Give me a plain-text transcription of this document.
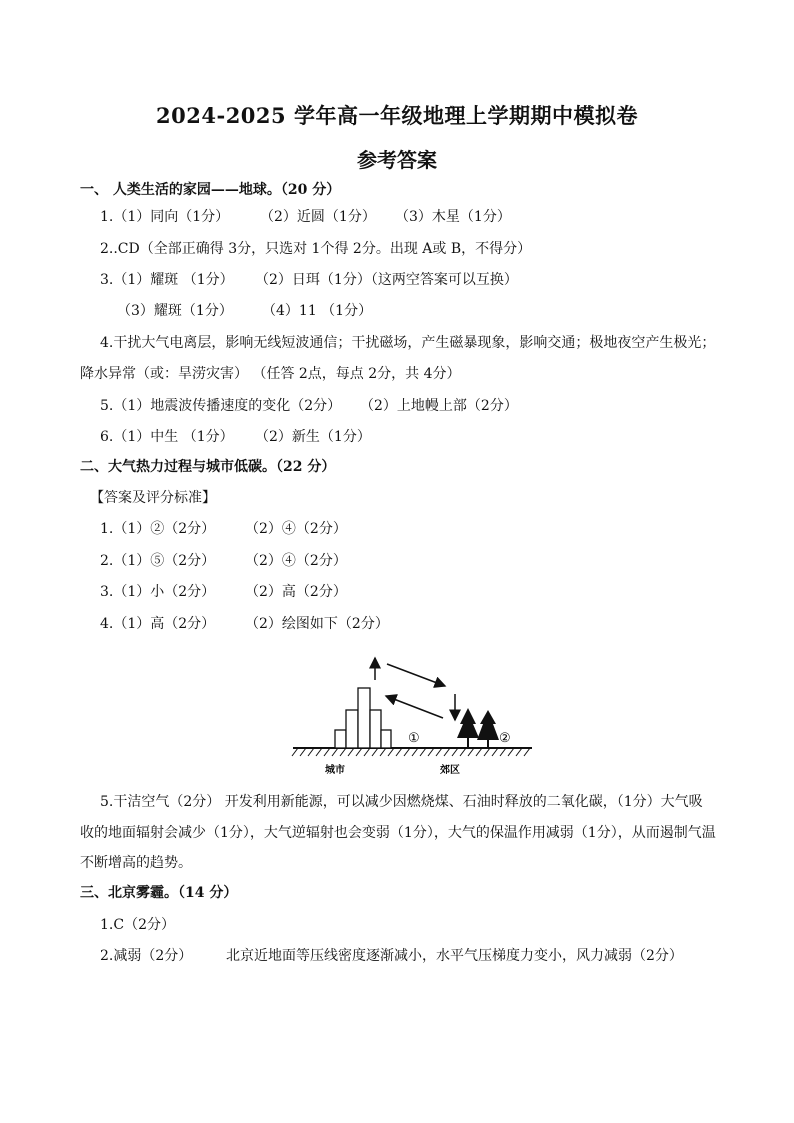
2024-2025 学年高一年级地理上学期期中模拟卷
参考答案
一、 人类生活的家园——地球。（20 分）
1.（1）同向（1分） （2）近圆（1分） （3）木星（1分）
2..CD（全部正确得 3分，只选对 1个得 2分。出现 A或 B，不得分）
3.（1）耀斑 （1分） （2）日珥（1分）（这两空答案可以互换）
（3）耀斑（1分） （4）11 （1分）
4.干扰大气电离层，影响无线短波通信；干扰磁场，产生磁暴现象，影响交通；极地夜空产生极光；
降水异常（或：旱涝灾害） （任答 2点，每点 2分，共 4分）
5.（1）地震波传播速度的变化（2分） （2）上地幔上部（2分）
6.（1）中生 （1分） （2）新生（1分）
二、大气热力过程与城市低碳。（22 分）
【答案及评分标准】
1.（1）②（2分） （2）④（2分）
2.（1）⑤（2分） （2）④（2分）
3.（1）小（2分） （2）高（2分）
4.（1）高（2分） （2）绘图如下（2分）
①	②
城市	郊区
5.干洁空气（2分） 开发利用新能源，可以减少因燃烧煤、石油时释放的二氧化碳，（1分）大气吸
收的地面辐射会减少（1分），大气逆辐射也会变弱（1分），大气的保温作用减弱（1分），从而遏制气温
不断增高的趋势。
三、北京雾霾。（14 分）
1.C（2分）
2.减弱（2分） 北京近地面等压线密度逐渐减小，水平气压梯度力变小，风力减弱（2分）
